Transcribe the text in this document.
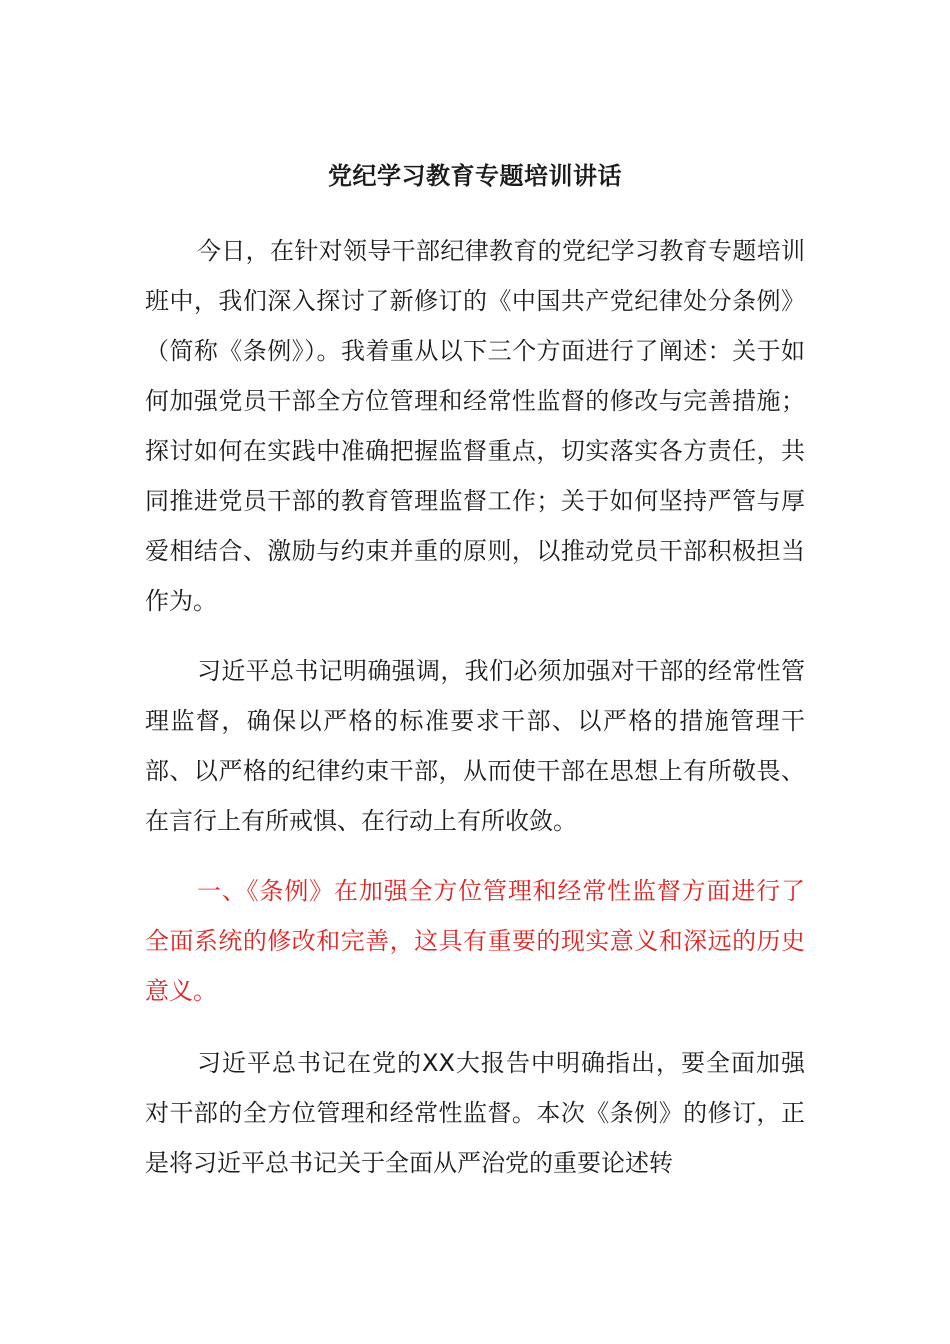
党纪学习教育专题培训讲话

今日，在针对领导干部纪律教育的党纪学习教育专题培训班中，我们深入探讨了新修订的《中国共产党纪律处分条例》（简称《条例》）。我着重从以下三个方面进行了阐述：关于如何加强党员干部全方位管理和经常性监督的修改与完善措施；探讨如何在实践中准确把握监督重点，切实落实各方责任，共同推进党员干部的教育管理监督工作；关于如何坚持严管与厚爱相结合、激励与约束并重的原则，以推动党员干部积极担当作为。

习近平总书记明确强调，我们必须加强对干部的经常性管理监督，确保以严格的标准要求干部、以严格的措施管理干部、以严格的纪律约束干部，从而使干部在思想上有所敬畏、在言行上有所戒惧、在行动上有所收敛。

一、《条例》在加强全方位管理和经常性监督方面进行了全面系统的修改和完善，这具有重要的现实意义和深远的历史意义。

习近平总书记在党的XX大报告中明确指出，要全面加强对干部的全方位管理和经常性监督。本次《条例》的修订，正是将习近平总书记关于全面从严治党的重要论述转
